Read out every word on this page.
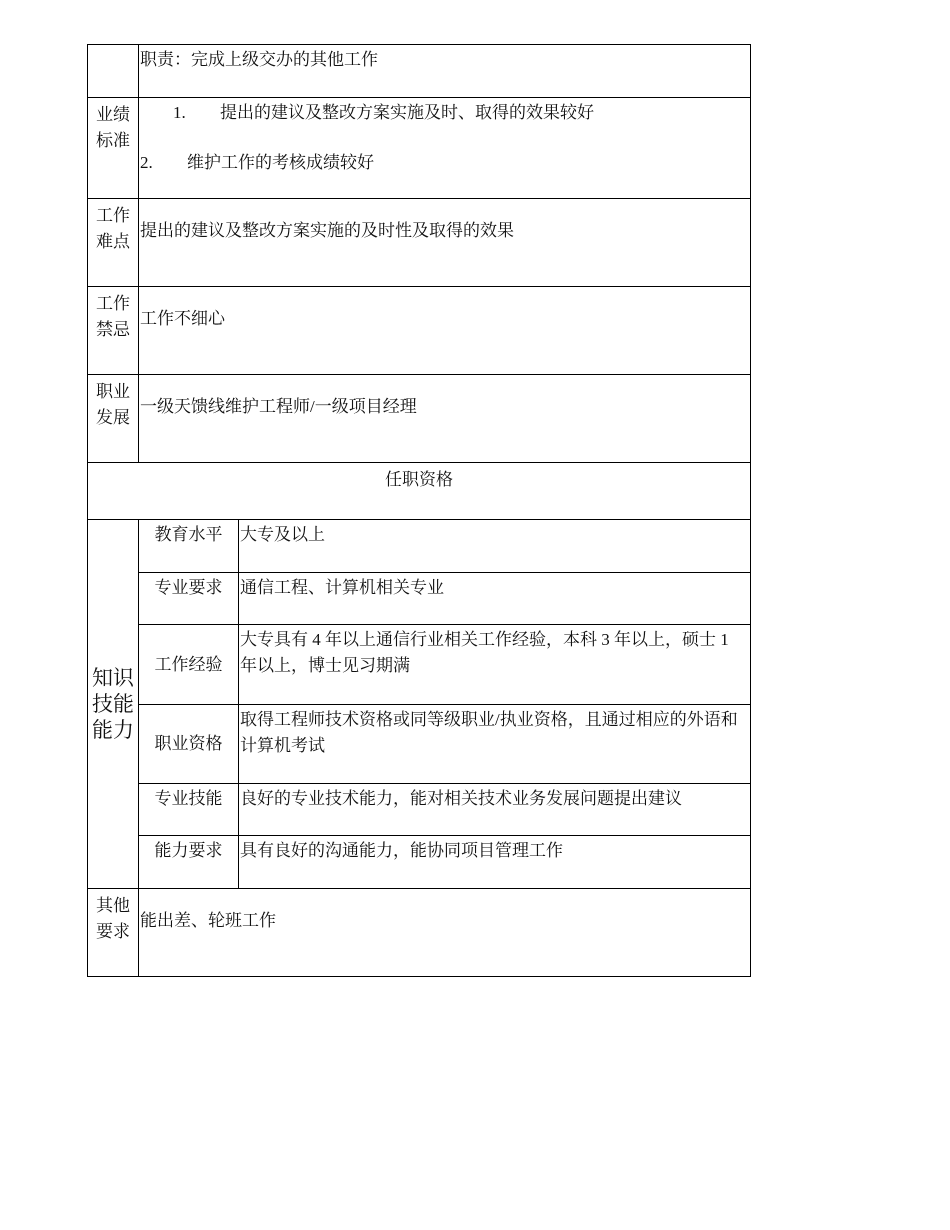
	职责：完成上级交办的其他工作	
业绩标准	1. 提出的建议及整改方案实施及时、取得的效果较好
2. 维护工作的考核成绩较好	

工作难点	提出的建议及整改方案实施的及时性及取得的效果	
工作禁忌	工作不细心	
职业发展	一级天馈线维护工程师/一级项目经理	
任职资格		
知识技能能力	教育水平	大专及以上
	专业要求	通信工程、计算机相关专业
	工作经验	大专具有 4 年以上通信行业相关工作经验，本科 3 年以上，硕士 1 年以上，博士见习期满
	职业资格	取得工程师技术资格或同等级职业/执业资格，且通过相应的外语和计算机考试
	专业技能	良好的专业技术能力，能对相关技术业务发展问题提出建议
	能力要求	具有良好的沟通能力，能协同项目管理工作
其他要求	能出差、轮班工作	
